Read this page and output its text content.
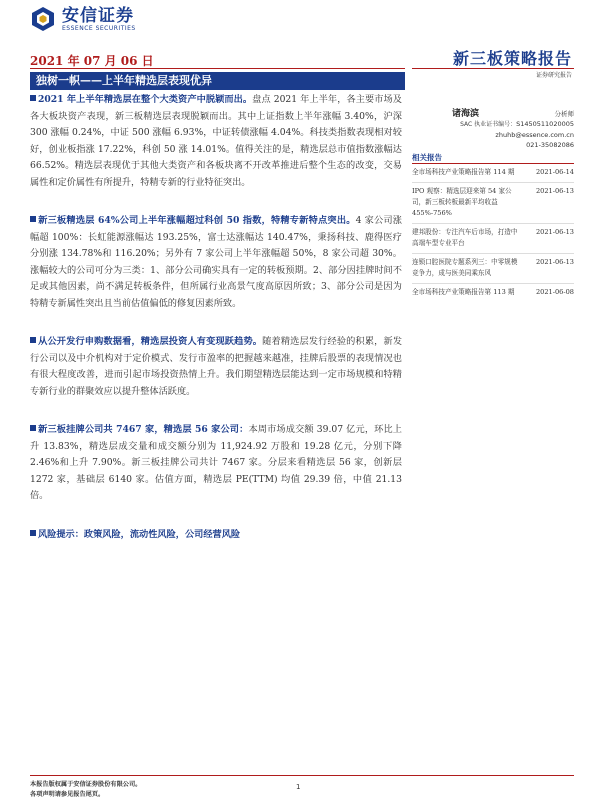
安信证券
ESSENCE SECURITIES
2021 年 07 月 06 日
独树一帜——上半年精选层表现优异
新三板策略报告
证券研究报告
诸海滨	分析师
SAC 执业证书编号：S1450511020005
zhuhb@essence.com.cn
021-35082086
相关报告
全市场科技产业策略报告第 114 期	2021-06-14
IPO 观察：精选层迎来第 54 家公司，新三板转板最新平均收益 455%-756%
2021-06-13
建邦股份：专注汽车后市场，打造中高端车型专业平台
2021-06-13
连锁口腔医院专题系列三：中零规模竞争力，成与医美同乘东风
2021-06-13
全市场科技产业策略报告第 113 期	2021-06-08

2021 年上半年精选层在整个大类资产中脱颖而出。盘点 2021 年上半年，各主要市场及各大板块资产表现，新三板精选层表现脱颖而出。其中上证指数上半年涨幅 3.40%，沪深 300 涨幅 0.24%，中证 500 涨幅 6.93%，中证转债涨幅 4.04%。科技类指数表现相对较好，创业板指涨 17.22%，科创 50 涨 14.01%。值得关注的是，精选层总市值指数涨幅达 66.52%。精选层表现优于其他大类资产和各板块离不开改革推进后整个生态的改变，交易属性和定价属性有所提升，特精专新的行业特征突出。

新三板精选层 64%公司上半年涨幅超过科创 50 指数，特精专新特点突出。4 家公司涨幅超 100%：长虹能源涨幅达 193.25%，富士达涨幅达 140.47%，秉扬科技、鹿得医疗分别涨 134.78%和 116.20%；另外有 7 家公司上半年涨幅超 50%，8 家公司超 30%。涨幅较大的公司可分为三类：1、部分公司确实具有一定的转板预期。2、部分因挂牌时间不足或其他因素，尚不满足转板条件，但所属行业高景气度高原因所致；3、部分公司是因为特精专新属性突出且当前估值偏低的修复因素所致。

从公开发行申购数据看，精选层投资人有变现跃趋势。随着精选层发行经验的积累，新发行公司以及中介机构对于定价模式、发行市盈率的把握越来越准，挂牌后股票的表现情况也有很大程度改善，进而引起市场投资热情上升。我们期望精选层能达到一定市场规模和特精专新行业的群聚效应以提升整体活跃度。

新三板挂牌公司共 7467 家，精选层 56 家公司：本周市场成交额 39.07 亿元，环比上升 13.83%，精选层成交量和成交额分别为 11,924.92 万股和 19.28 亿元，分别下降 2.46%和上升 7.90%。新三板挂牌公司共计 7467 家。分层来看精选层 56 家，创新层 1272 家，基础层 6140 家。估值方面，精选层 PE(TTM) 均值 29.39 倍，中值 21.13 倍。

风险提示：政策风险，流动性风险，公司经营风险

本报告版权属于安信证券股份有限公司。
各项声明请参见报告尾页。
1
